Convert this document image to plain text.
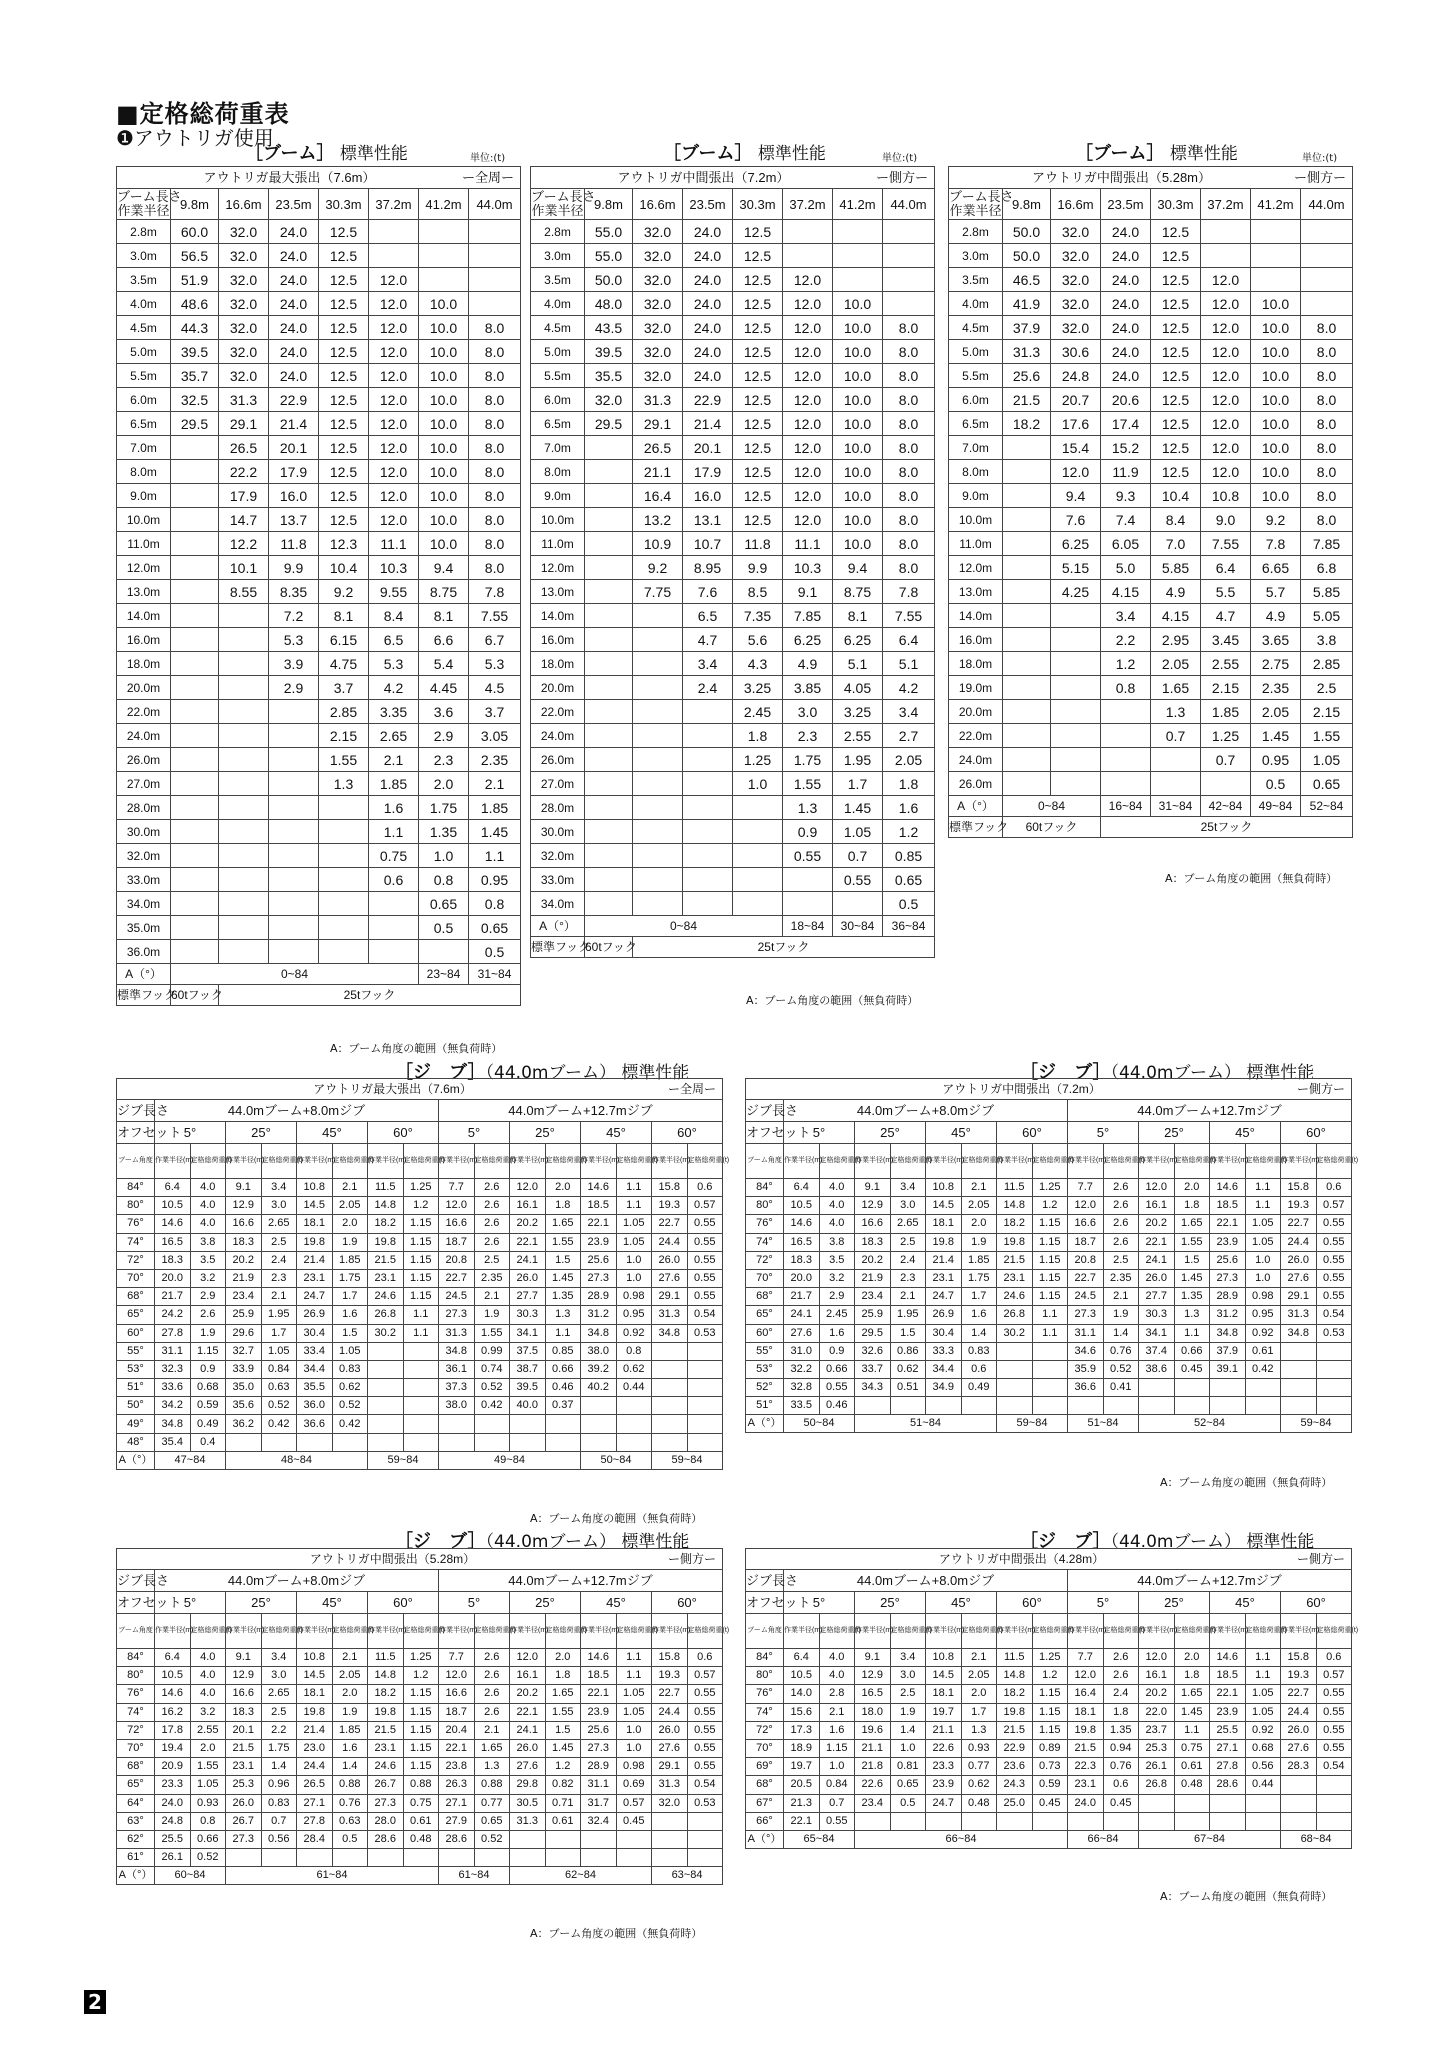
■定格総荷重表
❶アウトリガ使用
［ブーム］ 標準性能	単位:(t)	［ブーム］ 標準性能	単位:(t)	［ブーム］ 標準性能	単位:(t)
アウトリガ最大張出（7.6m） ー全周ー							

ブーム長さ
作業半径	9.8m	16.6m	23.5m	30.3m	37.2m	41.2m	44.0m
2.8m	60.0	32.0	24.0	12.5			
3.0m	56.5	32.0	24.0	12.5			
3.5m	51.9	32.0	24.0	12.5	12.0		
4.0m	48.6	32.0	24.0	12.5	12.0	10.0	
4.5m	44.3	32.0	24.0	12.5	12.0	10.0	8.0
5.0m	39.5	32.0	24.0	12.5	12.0	10.0	8.0
5.5m	35.7	32.0	24.0	12.5	12.0	10.0	8.0
6.0m	32.5	31.3	22.9	12.5	12.0	10.0	8.0
6.5m	29.5	29.1	21.4	12.5	12.0	10.0	8.0
7.0m		26.5	20.1	12.5	12.0	10.0	8.0
8.0m		22.2	17.9	12.5	12.0	10.0	8.0
9.0m		17.9	16.0	12.5	12.0	10.0	8.0
10.0m		14.7	13.7	12.5	12.0	10.0	8.0
11.0m		12.2	11.8	12.3	11.1	10.0	8.0
12.0m		10.1	9.9	10.4	10.3	9.4	8.0
13.0m		8.55	8.35	9.2	9.55	8.75	7.8
14.0m			7.2	8.1	8.4	8.1	7.55
16.0m			5.3	6.15	6.5	6.6	6.7
18.0m			3.9	4.75	5.3	5.4	5.3
20.0m			2.9	3.7	4.2	4.45	4.5
22.0m				2.85	3.35	3.6	3.7
24.0m				2.15	2.65	2.9	3.05
26.0m				1.55	2.1	2.3	2.35
27.0m				1.3	1.85	2.0	2.1
28.0m					1.6	1.75	1.85
30.0m					1.1	1.35	1.45
32.0m					0.75	1.0	1.1
33.0m					0.6	0.8	0.95
34.0m						0.65	0.8
35.0m						0.5	0.65
36.0m							0.5
A（°）	0~84					23~84	31~84
標準フック	60tフック	25tフック					
アウトリガ中間張出（7.2m） ー側方ー							

ブーム長さ
作業半径	9.8m	16.6m	23.5m	30.3m	37.2m	41.2m	44.0m
2.8m	55.0	32.0	24.0	12.5			
3.0m	55.0	32.0	24.0	12.5			
3.5m	50.0	32.0	24.0	12.5	12.0		
4.0m	48.0	32.0	24.0	12.5	12.0	10.0	
4.5m	43.5	32.0	24.0	12.5	12.0	10.0	8.0
5.0m	39.5	32.0	24.0	12.5	12.0	10.0	8.0
5.5m	35.5	32.0	24.0	12.5	12.0	10.0	8.0
6.0m	32.0	31.3	22.9	12.5	12.0	10.0	8.0
6.5m	29.5	29.1	21.4	12.5	12.0	10.0	8.0
7.0m		26.5	20.1	12.5	12.0	10.0	8.0
8.0m		21.1	17.9	12.5	12.0	10.0	8.0
9.0m		16.4	16.0	12.5	12.0	10.0	8.0
10.0m		13.2	13.1	12.5	12.0	10.0	8.0
11.0m		10.9	10.7	11.8	11.1	10.0	8.0
12.0m		9.2	8.95	9.9	10.3	9.4	8.0
13.0m		7.75	7.6	8.5	9.1	8.75	7.8
14.0m			6.5	7.35	7.85	8.1	7.55
16.0m			4.7	5.6	6.25	6.25	6.4
18.0m			3.4	4.3	4.9	5.1	5.1
20.0m			2.4	3.25	3.85	4.05	4.2
22.0m				2.45	3.0	3.25	3.4
24.0m				1.8	2.3	2.55	2.7
26.0m				1.25	1.75	1.95	2.05
27.0m				1.0	1.55	1.7	1.8
28.0m					1.3	1.45	1.6
30.0m					0.9	1.05	1.2
32.0m					0.55	0.7	0.85
33.0m						0.55	0.65
34.0m							0.5
A（°）	0~84				18~84	30~84	36~84
標準フック	60tフック	25tフック					
アウトリガ中間張出（5.28m） ー側方ー							

ブーム長さ
作業半径	9.8m	16.6m	23.5m	30.3m	37.2m	41.2m	44.0m
2.8m	50.0	32.0	24.0	12.5			
3.0m	50.0	32.0	24.0	12.5			
3.5m	46.5	32.0	24.0	12.5	12.0		
4.0m	41.9	32.0	24.0	12.5	12.0	10.0	
4.5m	37.9	32.0	24.0	12.5	12.0	10.0	8.0
5.0m	31.3	30.6	24.0	12.5	12.0	10.0	8.0
5.5m	25.6	24.8	24.0	12.5	12.0	10.0	8.0
6.0m	21.5	20.7	20.6	12.5	12.0	10.0	8.0
6.5m	18.2	17.6	17.4	12.5	12.0	10.0	8.0
7.0m		15.4	15.2	12.5	12.0	10.0	8.0
8.0m		12.0	11.9	12.5	12.0	10.0	8.0
9.0m		9.4	9.3	10.4	10.8	10.0	8.0
10.0m		7.6	7.4	8.4	9.0	9.2	8.0
11.0m		6.25	6.05	7.0	7.55	7.8	7.85
12.0m		5.15	5.0	5.85	6.4	6.65	6.8
13.0m		4.25	4.15	4.9	5.5	5.7	5.85
14.0m			3.4	4.15	4.7	4.9	5.05
16.0m			2.2	2.95	3.45	3.65	3.8
18.0m			1.2	2.05	2.55	2.75	2.85
19.0m			0.8	1.65	2.15	2.35	2.5
20.0m				1.3	1.85	2.05	2.15
22.0m				0.7	1.25	1.45	1.55
24.0m					0.7	0.95	1.05
26.0m						0.5	0.65
A（°）	0~84		16~84	31~84	42~84	49~84	52~84
標準フック	60tフック		25tフック				
A：ブーム角度の範囲（無負荷時）
A：ブーム角度の範囲（無負荷時）
A：ブーム角度の範囲（無負荷時）
［ジ　ブ］（44.0mブーム） 標準性能	［ジ　ブ］（44.0mブーム） 標準性能
［ジ　ブ］（44.0mブーム） 標準性能	［ジ　ブ］（44.0mブーム） 標準性能
アウトリガ最大張出（7.6m） ー全周ー																

ジブ長さ	44.0mブーム+8.0mジブ								44.0mブーム+12.7mジブ							
オフセット	5°		25°		45°		60°		5°		25°		45°		60°	
ブーム角度	作業半径(m)	定格総荷重(t)	作業半径(m)	定格総荷重(t)	作業半径(m)	定格総荷重(t)	作業半径(m)	定格総荷重(t)	作業半径(m)	定格総荷重(t)	作業半径(m)	定格総荷重(t)	作業半径(m)	定格総荷重(t)	作業半径(m)	定格総荷重(t)
84°	6.4	4.0	9.1	3.4	10.8	2.1	11.5	1.25	7.7	2.6	12.0	2.0	14.6	1.1	15.8	0.6
80°	10.5	4.0	12.9	3.0	14.5	2.05	14.8	1.2	12.0	2.6	16.1	1.8	18.5	1.1	19.3	0.57
76°	14.6	4.0	16.6	2.65	18.1	2.0	18.2	1.15	16.6	2.6	20.2	1.65	22.1	1.05	22.7	0.55
74°	16.5	3.8	18.3	2.5	19.8	1.9	19.8	1.15	18.7	2.6	22.1	1.55	23.9	1.05	24.4	0.55
72°	18.3	3.5	20.2	2.4	21.4	1.85	21.5	1.15	20.8	2.5	24.1	1.5	25.6	1.0	26.0	0.55
70°	20.0	3.2	21.9	2.3	23.1	1.75	23.1	1.15	22.7	2.35	26.0	1.45	27.3	1.0	27.6	0.55
68°	21.7	2.9	23.4	2.1	24.7	1.7	24.6	1.15	24.5	2.1	27.7	1.35	28.9	0.98	29.1	0.55
65°	24.2	2.6	25.9	1.95	26.9	1.6	26.8	1.1	27.3	1.9	30.3	1.3	31.2	0.95	31.3	0.54
60°	27.8	1.9	29.6	1.7	30.4	1.5	30.2	1.1	31.3	1.55	34.1	1.1	34.8	0.92	34.8	0.53
55°	31.1	1.15	32.7	1.05	33.4	1.05			34.8	0.99	37.5	0.85	38.0	0.8		
53°	32.3	0.9	33.9	0.84	34.4	0.83			36.1	0.74	38.7	0.66	39.2	0.62		
51°	33.6	0.68	35.0	0.63	35.5	0.62			37.3	0.52	39.5	0.46	40.2	0.44		
50°	34.2	0.59	35.6	0.52	36.0	0.52			38.0	0.42	40.0	0.37				
49°	34.8	0.49	36.2	0.42	36.6	0.42										
48°	35.4	0.4														
A（°）	47~84		48~84				59~84		49~84				50~84		59~84	
アウトリガ中間張出（7.2m） ー側方ー																

ジブ長さ	44.0mブーム+8.0mジブ								44.0mブーム+12.7mジブ							
オフセット	5°		25°		45°		60°		5°		25°		45°		60°	
ブーム角度	作業半径(m)	定格総荷重(t)	作業半径(m)	定格総荷重(t)	作業半径(m)	定格総荷重(t)	作業半径(m)	定格総荷重(t)	作業半径(m)	定格総荷重(t)	作業半径(m)	定格総荷重(t)	作業半径(m)	定格総荷重(t)	作業半径(m)	定格総荷重(t)
84°	6.4	4.0	9.1	3.4	10.8	2.1	11.5	1.25	7.7	2.6	12.0	2.0	14.6	1.1	15.8	0.6
80°	10.5	4.0	12.9	3.0	14.5	2.05	14.8	1.2	12.0	2.6	16.1	1.8	18.5	1.1	19.3	0.57
76°	14.6	4.0	16.6	2.65	18.1	2.0	18.2	1.15	16.6	2.6	20.2	1.65	22.1	1.05	22.7	0.55
74°	16.5	3.8	18.3	2.5	19.8	1.9	19.8	1.15	18.7	2.6	22.1	1.55	23.9	1.05	24.4	0.55
72°	18.3	3.5	20.2	2.4	21.4	1.85	21.5	1.15	20.8	2.5	24.1	1.5	25.6	1.0	26.0	0.55
70°	20.0	3.2	21.9	2.3	23.1	1.75	23.1	1.15	22.7	2.35	26.0	1.45	27.3	1.0	27.6	0.55
68°	21.7	2.9	23.4	2.1	24.7	1.7	24.6	1.15	24.5	2.1	27.7	1.35	28.9	0.98	29.1	0.55
65°	24.1	2.45	25.9	1.95	26.9	1.6	26.8	1.1	27.3	1.9	30.3	1.3	31.2	0.95	31.3	0.54
60°	27.6	1.6	29.5	1.5	30.4	1.4	30.2	1.1	31.1	1.4	34.1	1.1	34.8	0.92	34.8	0.53
55°	31.0	0.9	32.6	0.86	33.3	0.83			34.6	0.76	37.4	0.66	37.9	0.61		
53°	32.2	0.66	33.7	0.62	34.4	0.6			35.9	0.52	38.6	0.45	39.1	0.42		
52°	32.8	0.55	34.3	0.51	34.9	0.49			36.6	0.41						
51°	33.5	0.46														
A（°）	50~84		51~84				59~84		51~84		52~84				59~84	
アウトリガ中間張出（5.28m） ー側方ー																

ジブ長さ	44.0mブーム+8.0mジブ								44.0mブーム+12.7mジブ							
オフセット	5°		25°		45°		60°		5°		25°		45°		60°	
ブーム角度	作業半径(m)	定格総荷重(t)	作業半径(m)	定格総荷重(t)	作業半径(m)	定格総荷重(t)	作業半径(m)	定格総荷重(t)	作業半径(m)	定格総荷重(t)	作業半径(m)	定格総荷重(t)	作業半径(m)	定格総荷重(t)	作業半径(m)	定格総荷重(t)
84°	6.4	4.0	9.1	3.4	10.8	2.1	11.5	1.25	7.7	2.6	12.0	2.0	14.6	1.1	15.8	0.6
80°	10.5	4.0	12.9	3.0	14.5	2.05	14.8	1.2	12.0	2.6	16.1	1.8	18.5	1.1	19.3	0.57
76°	14.6	4.0	16.6	2.65	18.1	2.0	18.2	1.15	16.6	2.6	20.2	1.65	22.1	1.05	22.7	0.55
74°	16.2	3.2	18.3	2.5	19.8	1.9	19.8	1.15	18.7	2.6	22.1	1.55	23.9	1.05	24.4	0.55
72°	17.8	2.55	20.1	2.2	21.4	1.85	21.5	1.15	20.4	2.1	24.1	1.5	25.6	1.0	26.0	0.55
70°	19.4	2.0	21.5	1.75	23.0	1.6	23.1	1.15	22.1	1.65	26.0	1.45	27.3	1.0	27.6	0.55
68°	20.9	1.55	23.1	1.4	24.4	1.4	24.6	1.15	23.8	1.3	27.6	1.2	28.9	0.98	29.1	0.55
65°	23.3	1.05	25.3	0.96	26.5	0.88	26.7	0.88	26.3	0.88	29.8	0.82	31.1	0.69	31.3	0.54
64°	24.0	0.93	26.0	0.83	27.1	0.76	27.3	0.75	27.1	0.77	30.5	0.71	31.7	0.57	32.0	0.53
63°	24.8	0.8	26.7	0.7	27.8	0.63	28.0	0.61	27.9	0.65	31.3	0.61	32.4	0.45		
62°	25.5	0.66	27.3	0.56	28.4	0.5	28.6	0.48	28.6	0.52						
61°	26.1	0.52														
A（°）	60~84		61~84						61~84		62~84				63~84	
アウトリガ中間張出（4.28m） ー側方ー																

ジブ長さ	44.0mブーム+8.0mジブ								44.0mブーム+12.7mジブ							
オフセット	5°		25°		45°		60°		5°		25°		45°		60°	
ブーム角度	作業半径(m)	定格総荷重(t)	作業半径(m)	定格総荷重(t)	作業半径(m)	定格総荷重(t)	作業半径(m)	定格総荷重(t)	作業半径(m)	定格総荷重(t)	作業半径(m)	定格総荷重(t)	作業半径(m)	定格総荷重(t)	作業半径(m)	定格総荷重(t)
84°	6.4	4.0	9.1	3.4	10.8	2.1	11.5	1.25	7.7	2.6	12.0	2.0	14.6	1.1	15.8	0.6
80°	10.5	4.0	12.9	3.0	14.5	2.05	14.8	1.2	12.0	2.6	16.1	1.8	18.5	1.1	19.3	0.57
76°	14.0	2.8	16.5	2.5	18.1	2.0	18.2	1.15	16.4	2.4	20.2	1.65	22.1	1.05	22.7	0.55
74°	15.6	2.1	18.0	1.9	19.7	1.7	19.8	1.15	18.1	1.8	22.0	1.45	23.9	1.05	24.4	0.55
72°	17.3	1.6	19.6	1.4	21.1	1.3	21.5	1.15	19.8	1.35	23.7	1.1	25.5	0.92	26.0	0.55
70°	18.9	1.15	21.1	1.0	22.6	0.93	22.9	0.89	21.5	0.94	25.3	0.75	27.1	0.68	27.6	0.55
69°	19.7	1.0	21.8	0.81	23.3	0.77	23.6	0.73	22.3	0.76	26.1	0.61	27.8	0.56	28.3	0.54
68°	20.5	0.84	22.6	0.65	23.9	0.62	24.3	0.59	23.1	0.6	26.8	0.48	28.6	0.44		
67°	21.3	0.7	23.4	0.5	24.7	0.48	25.0	0.45	24.0	0.45						
66°	22.1	0.55														
A（°）	65~84		66~84						66~84		67~84				68~84	
A：ブーム角度の範囲（無負荷時）
A：ブーム角度の範囲（無負荷時）
A：ブーム角度の範囲（無負荷時）
A：ブーム角度の範囲（無負荷時）
2
